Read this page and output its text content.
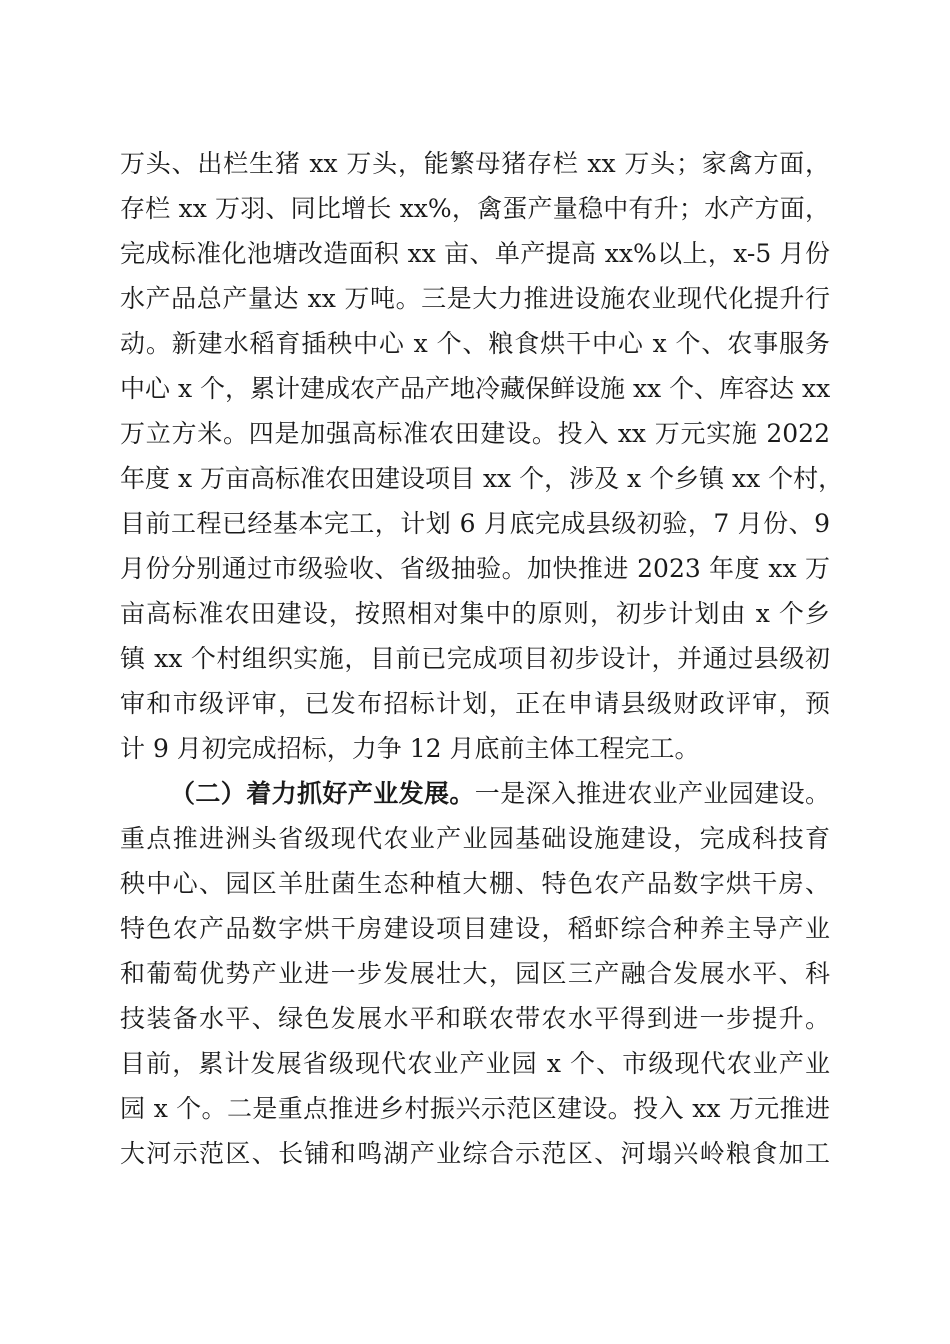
万头、出栏生猪 xx 万头，能繁母猪存栏 xx 万头；家禽方面，
存栏 xx 万羽、同比增长 xx%，禽蛋产量稳中有升；水产方面，
完成标准化池塘改造面积 xx 亩、单产提高 xx%以上，x-5 月份
水产品总产量达 xx 万吨。三是大力推进设施农业现代化提升行
动。新建水稻育插秧中心 x 个、粮食烘干中心 x 个、农事服务
中心 x 个，累计建成农产品产地冷藏保鲜设施 xx 个、库容达 xx
万立方米。四是加强高标准农田建设。投入 xx 万元实施 2022
年度 x 万亩高标准农田建设项目 xx 个，涉及 x 个乡镇 xx 个村，
目前工程已经基本完工，计划 6 月底完成县级初验，7 月份、9
月份分别通过市级验收、省级抽验。加快推进 2023 年度 xx 万
亩高标准农田建设，按照相对集中的原则，初步计划由 x 个乡
镇 xx 个村组织实施，目前已完成项目初步设计，并通过县级初
审和市级评审，已发布招标计划，正在申请县级财政评审，预
计 9 月初完成招标，力争 12 月底前主体工程完工。
（二）着力抓好产业发展。一是深入推进农业产业园建设。
重点推进洲头省级现代农业产业园基础设施建设，完成科技育
秧中心、园区羊肚菌生态种植大棚、特色农产品数字烘干房、
特色农产品数字烘干房建设项目建设，稻虾综合种养主导产业
和葡萄优势产业进一步发展壮大，园区三产融合发展水平、科
技装备水平、绿色发展水平和联农带农水平得到进一步提升。
目前，累计发展省级现代农业产业园 x 个、市级现代农业产业
园 x 个。二是重点推进乡村振兴示范区建设。投入 xx 万元推进
大河示范区、长铺和鸣湖产业综合示范区、河塌兴岭粮食加工
